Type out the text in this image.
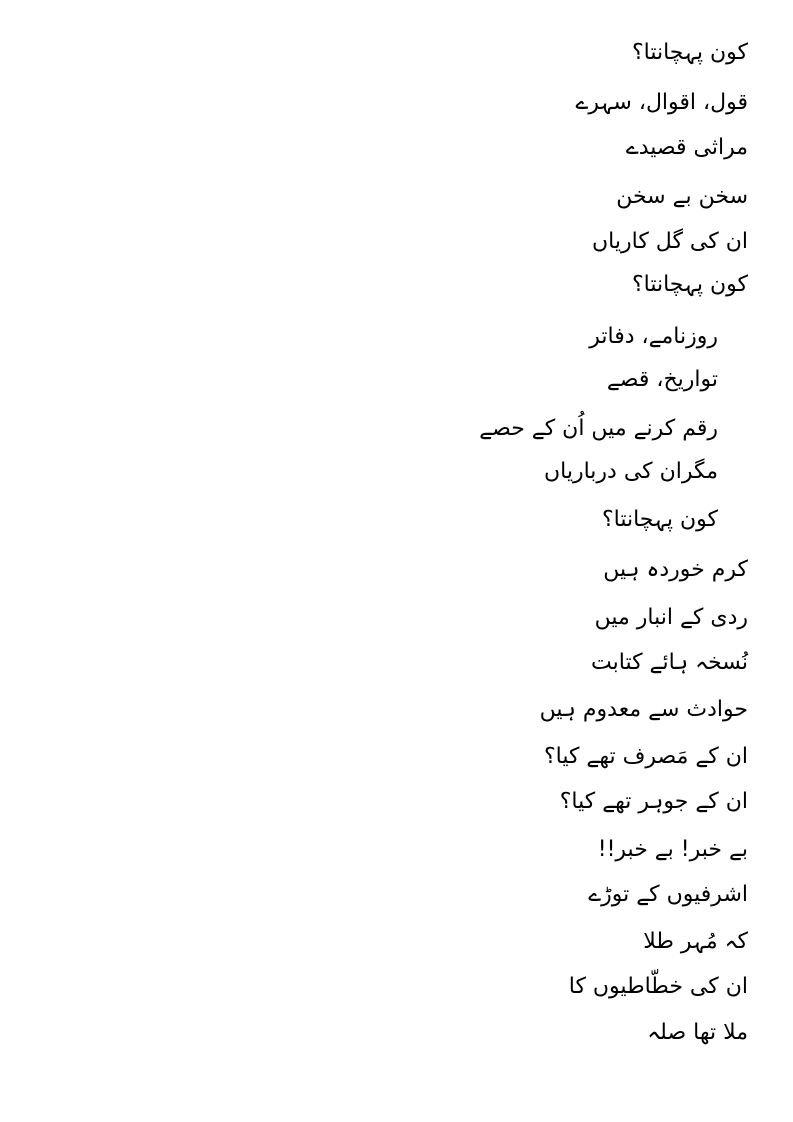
کون پہچانتا؟
قول، اقوال، سہرے
مراثی قصیدے
سخن بے سخن
ان کی گل کاریاں
کون پہچانتا؟
روزنامے، دفاتر
تواریخ، قصے
رقم کرنے میں اُن کے حصے
مگران کی درباریاں
کون پہچانتا؟
کرم خوردہ ہیں
ردی کے انبار میں
نُسخہ ہائے کتابت
حوادث سے معدوم ہیں
ان کے مَصرف تھے کیا؟
ان کے جوہر تھے کیا؟
بے خبر! بے خبر!!
اشرفیوں کے توڑے
کہ مُہر طلا
ان کی خطّاطیوں کا
ملا تھا صلہ
